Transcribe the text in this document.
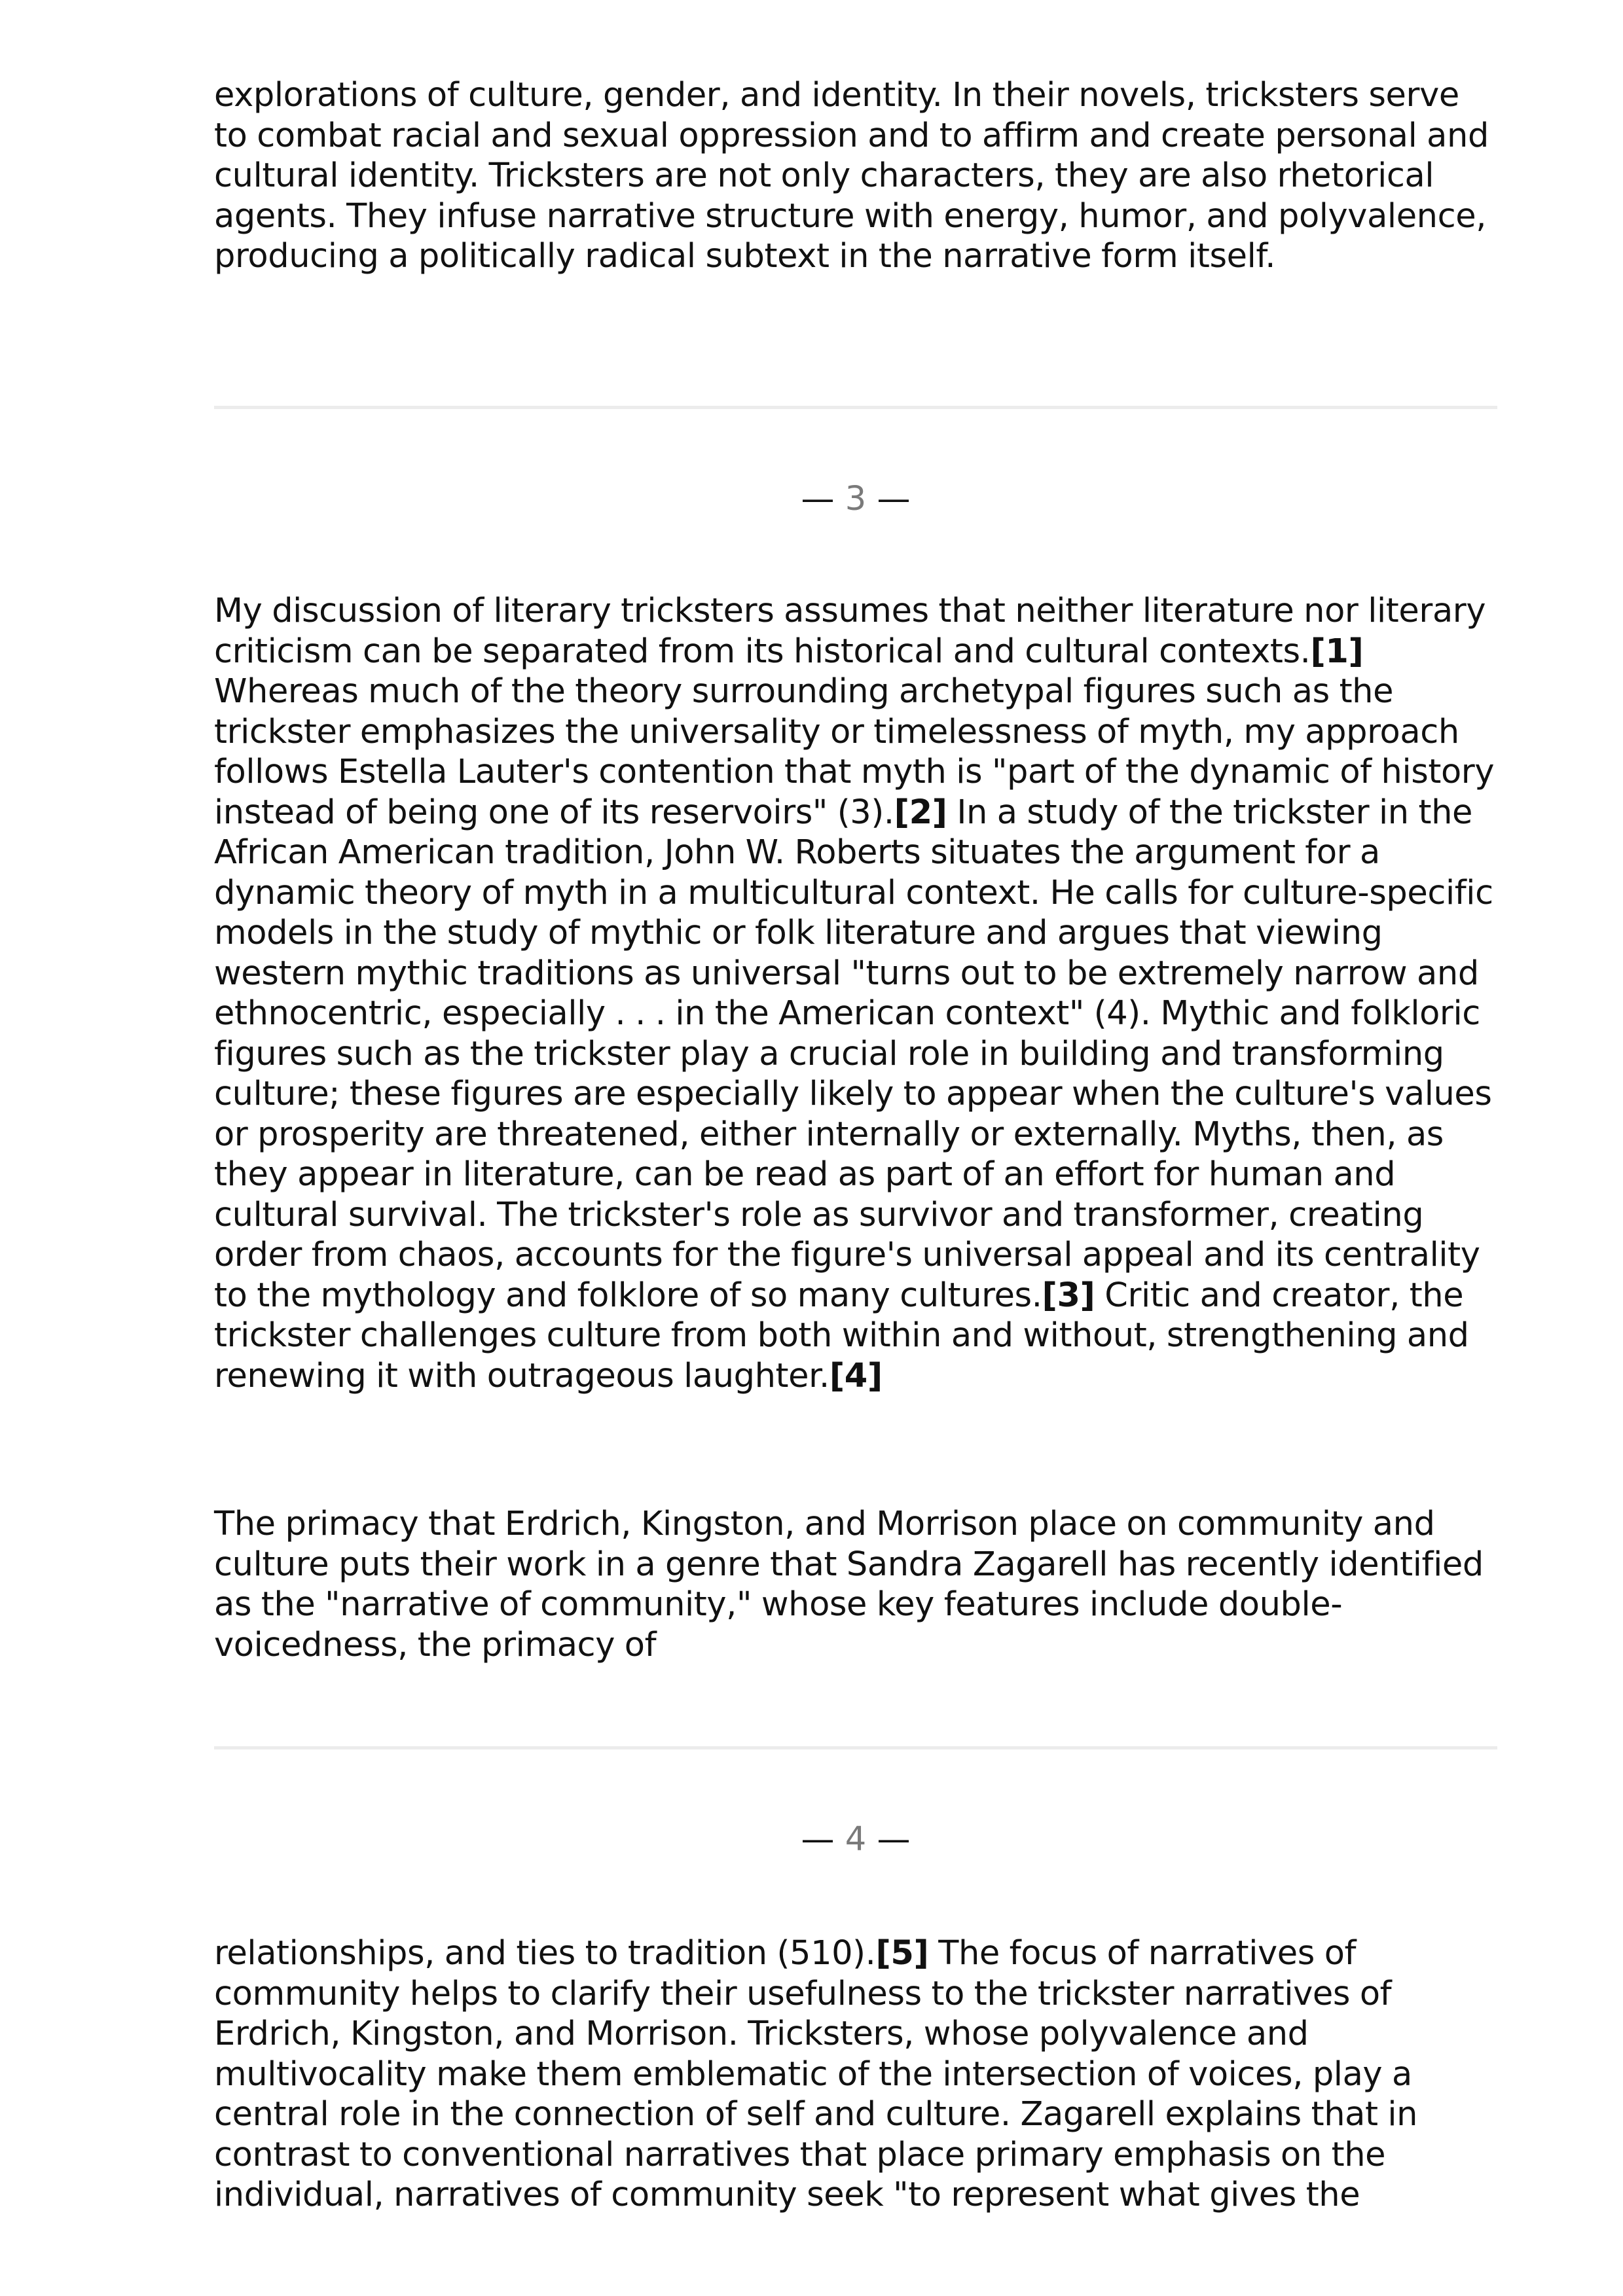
explorations of culture, gender, and identity. In their novels, tricksters serve to combat racial and sexual oppression and to affirm and create personal and cultural identity. Tricksters are not only characters, they are also rhetorical agents. They infuse narrative structure with energy, humor, and polyvalence, producing a politically radical subtext in the narrative form itself.

— 3 —

My discussion of literary tricksters assumes that neither literature nor literary criticism can be separated from its historical and cultural contexts.[1] Whereas much of the theory surrounding archetypal figures such as the trickster emphasizes the universality or timelessness of myth, my approach follows Estella Lauter's contention that myth is "part of the dynamic of history instead of being one of its reservoirs" (3).[2] In a study of the trickster in the African American tradition, John W. Roberts situates the argument for a dynamic theory of myth in a multicultural context. He calls for culture-specific models in the study of mythic or folk literature and argues that viewing western mythic traditions as universal "turns out to be extremely narrow and ethnocentric, especially . . . in the American context" (4). Mythic and folkloric figures such as the trickster play a crucial role in building and transforming culture; these figures are especially likely to appear when the culture's values or prosperity are threatened, either internally or externally. Myths, then, as they appear in literature, can be read as part of an effort for human and cultural survival. The trickster's role as survivor and transformer, creating order from chaos, accounts for the figure's universal appeal and its centrality to the mythology and folklore of so many cultures.[3] Critic and creator, the trickster challenges culture from both within and without, strengthening and renewing it with outrageous laughter.[4]

The primacy that Erdrich, Kingston, and Morrison place on community and culture puts their work in a genre that Sandra Zagarell has recently identified as the "narrative of community," whose key features include double-voicedness, the primacy of

— 4 —

relationships, and ties to tradition (510).[5] The focus of narratives of community helps to clarify their usefulness to the trickster narratives of Erdrich, Kingston, and Morrison. Tricksters, whose polyvalence and multivocality make them emblematic of the intersection of voices, play a central role in the connection of self and culture. Zagarell explains that in contrast to conventional narratives that place primary emphasis on the individual, narratives of community seek "to represent what gives the
